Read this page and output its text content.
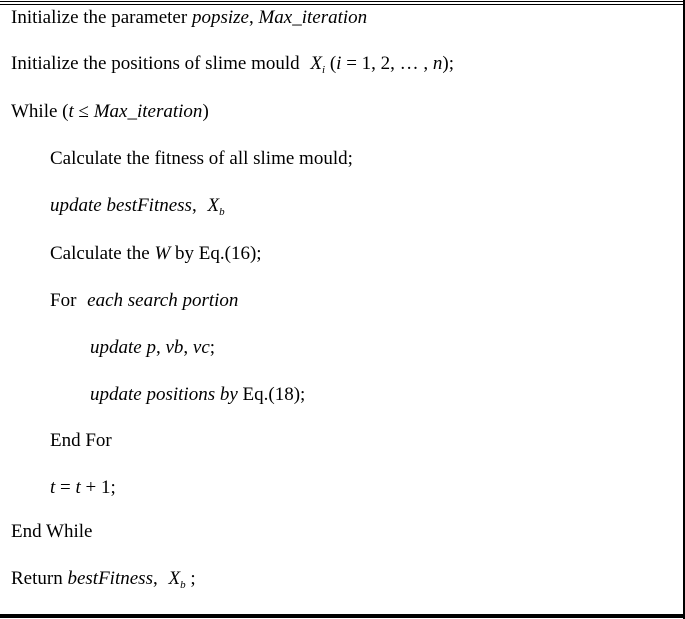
Initialize the parameter popsize, Max_iteration
Initialize the positions of slime mould $X_i$ (i = 1, 2, … , n);
While (t ≤ Max_iteration)
Calculate the fitness of all slime mould;
update bestFitness, $X_b$
Calculate the W by Eq.(16);
For each search portion
update p, vb, vc;
update positions by Eq.(18);
End For
t = t + 1;
End While
Return bestFitness, $X_b$ ;
